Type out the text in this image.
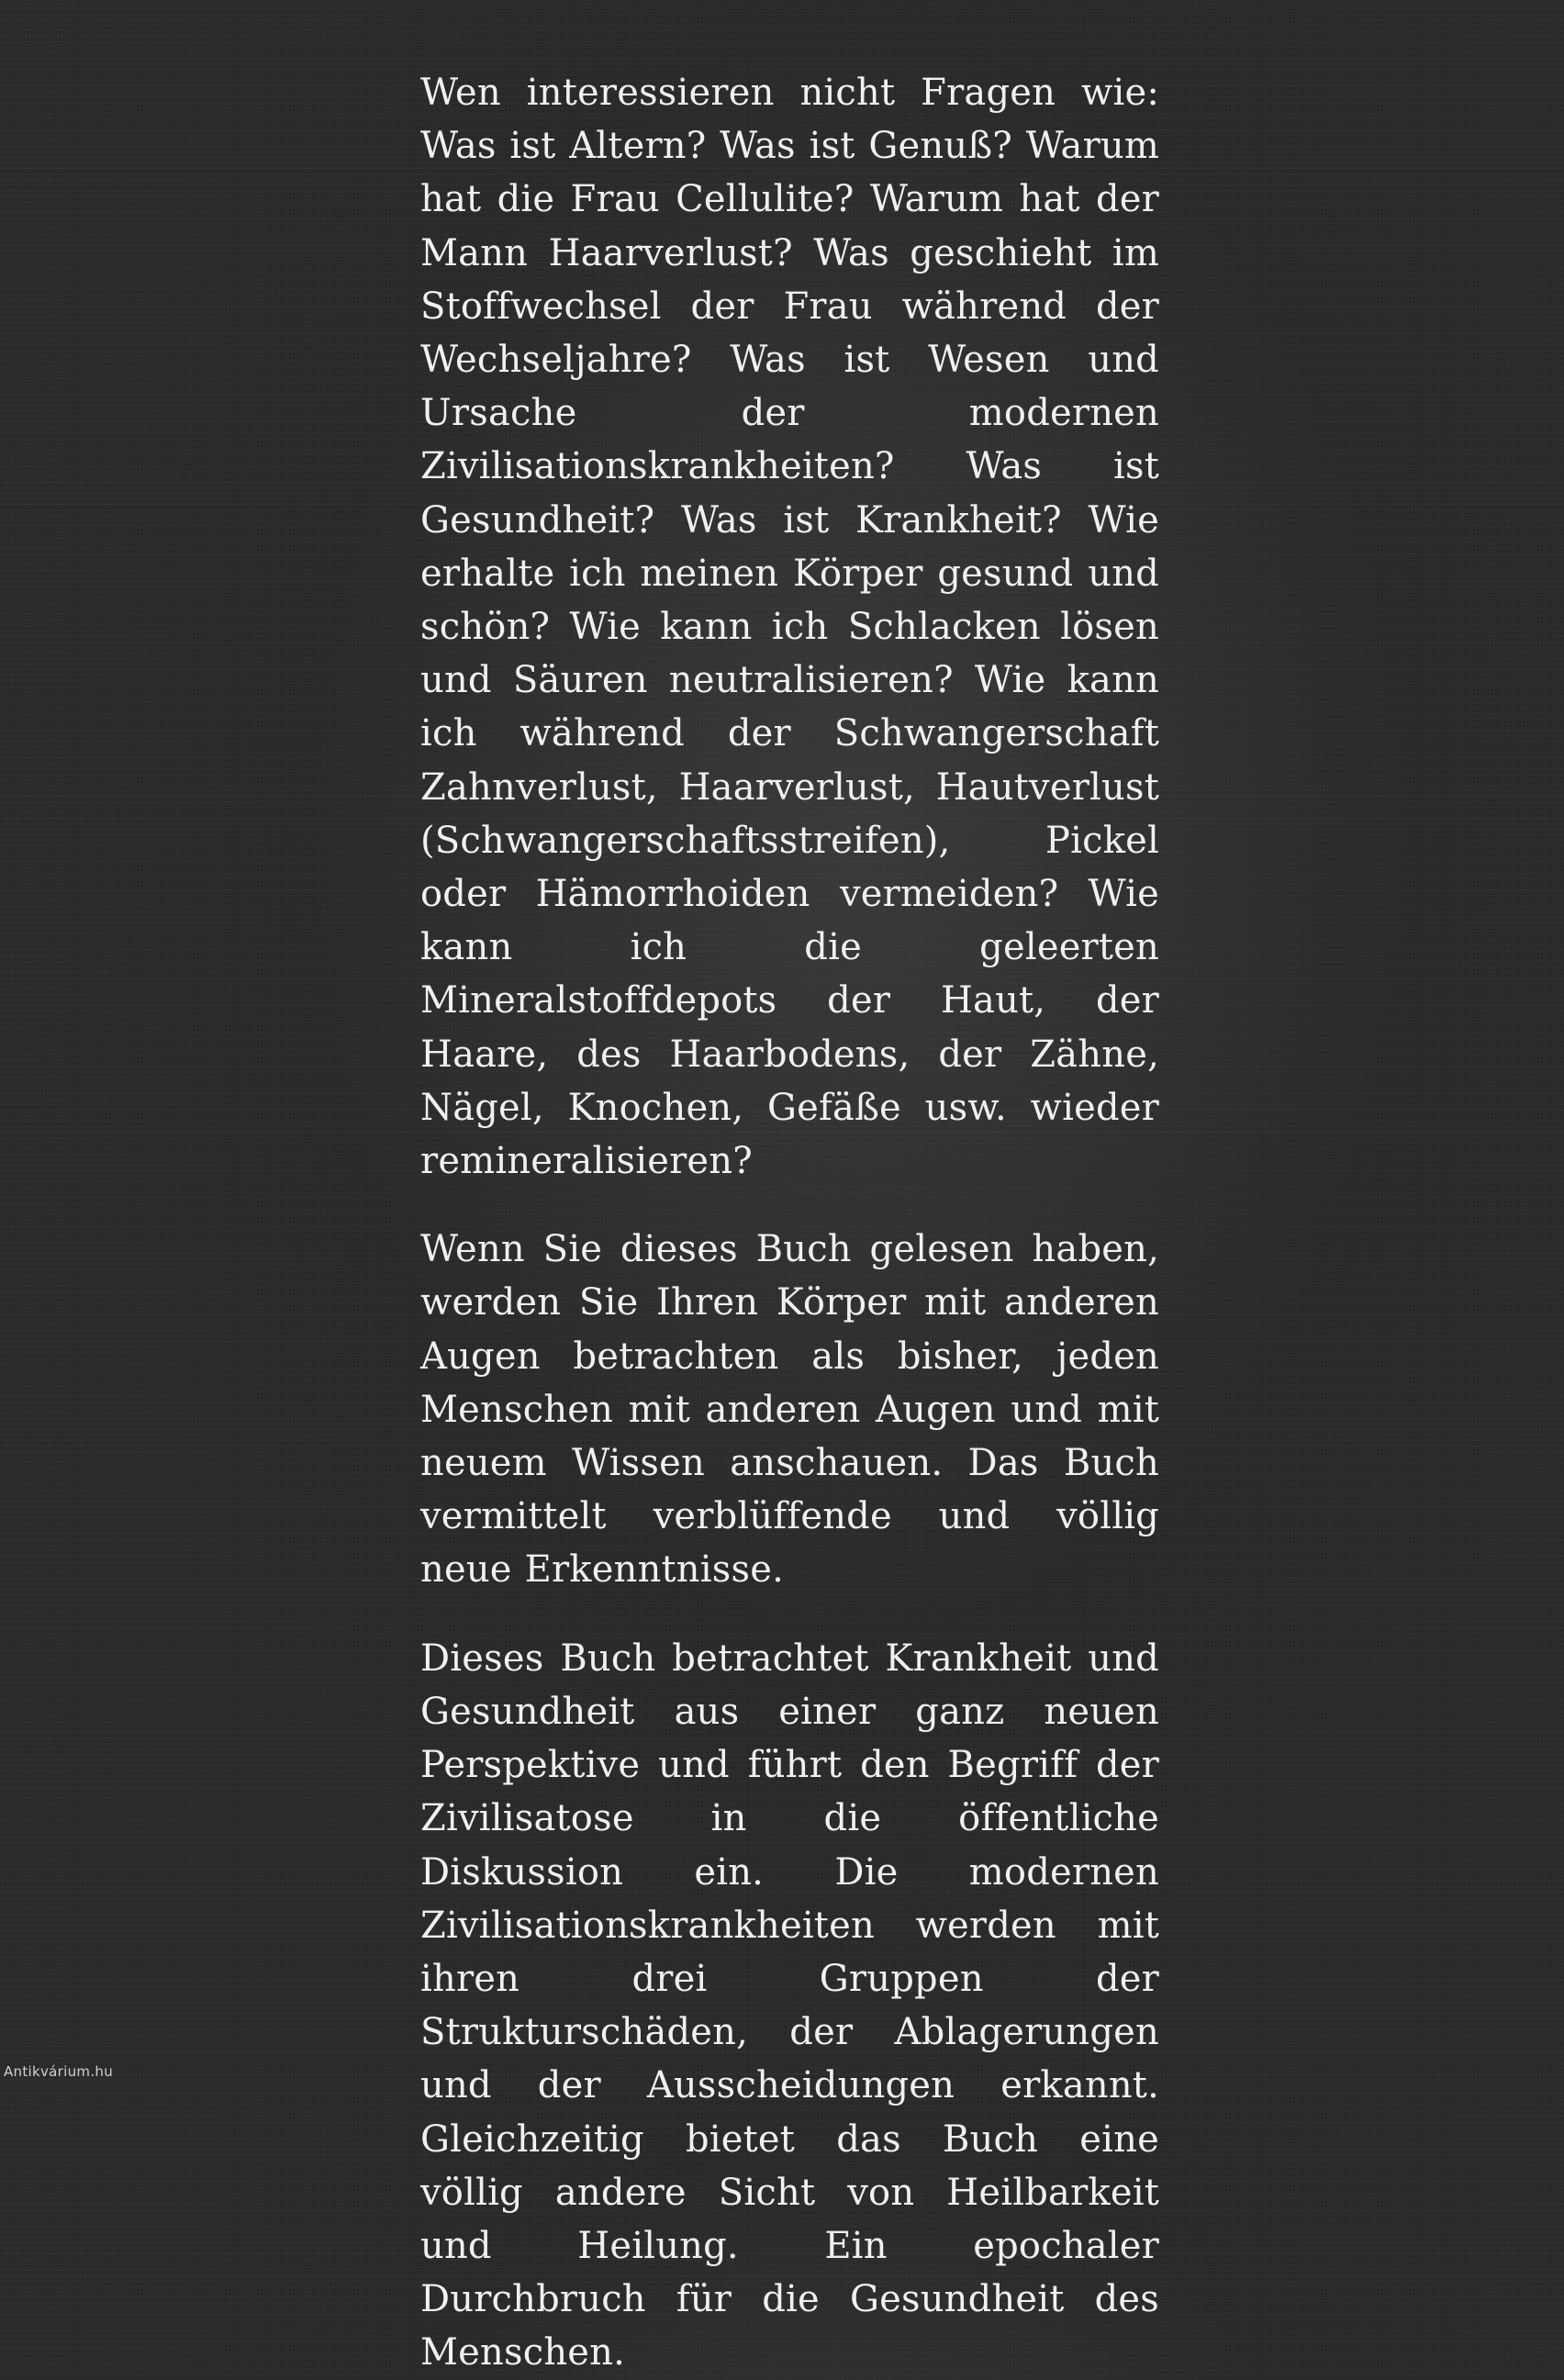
Wen interessieren nicht Fragen wie: Was ist Altern? Was ist Genuß? Warum hat die Frau Cellulite? Warum hat der Mann Haarverlust? Was geschieht im Stoffwechsel der Frau während der Wechseljahre? Was ist Wesen und Ursache der modernen Zivilisationskrankheiten? Was ist Gesundheit? Was ist Krankheit? Wie erhalte ich meinen Körper gesund und schön? Wie kann ich Schlacken lösen und Säuren neutralisieren? Wie kann ich während der Schwangerschaft Zahnverlust, Haarverlust, Hautverlust (Schwangerschaftsstreifen), Pickel oder Hämorrhoiden vermeiden? Wie kann ich die geleerten Mineralstoffdepots der Haut, der Haare, des Haarbodens, der Zähne, Nägel, Knochen, Gefäße usw. wieder remineralisieren?

Wenn Sie dieses Buch gelesen haben, werden Sie Ihren Körper mit anderen Augen betrachten als bisher, jeden Menschen mit anderen Augen und mit neuem Wissen anschauen. Das Buch vermittelt verblüffende und völlig neue Erkenntnisse.

Dieses Buch betrachtet Krankheit und Gesundheit aus einer ganz neuen Perspektive und führt den Begriff der Zivilisatose in die öffentliche Diskussion ein. Die modernen Zivilisationskrankheiten werden mit ihren drei Gruppen der Strukturschäden, der Ablagerungen und der Ausscheidungen erkannt. Gleichzeitig bietet das Buch eine völlig andere Sicht von Heilbarkeit und Heilung. Ein epochaler Durchbruch für die Gesundheit des Menschen.

Antikvárium.hu
